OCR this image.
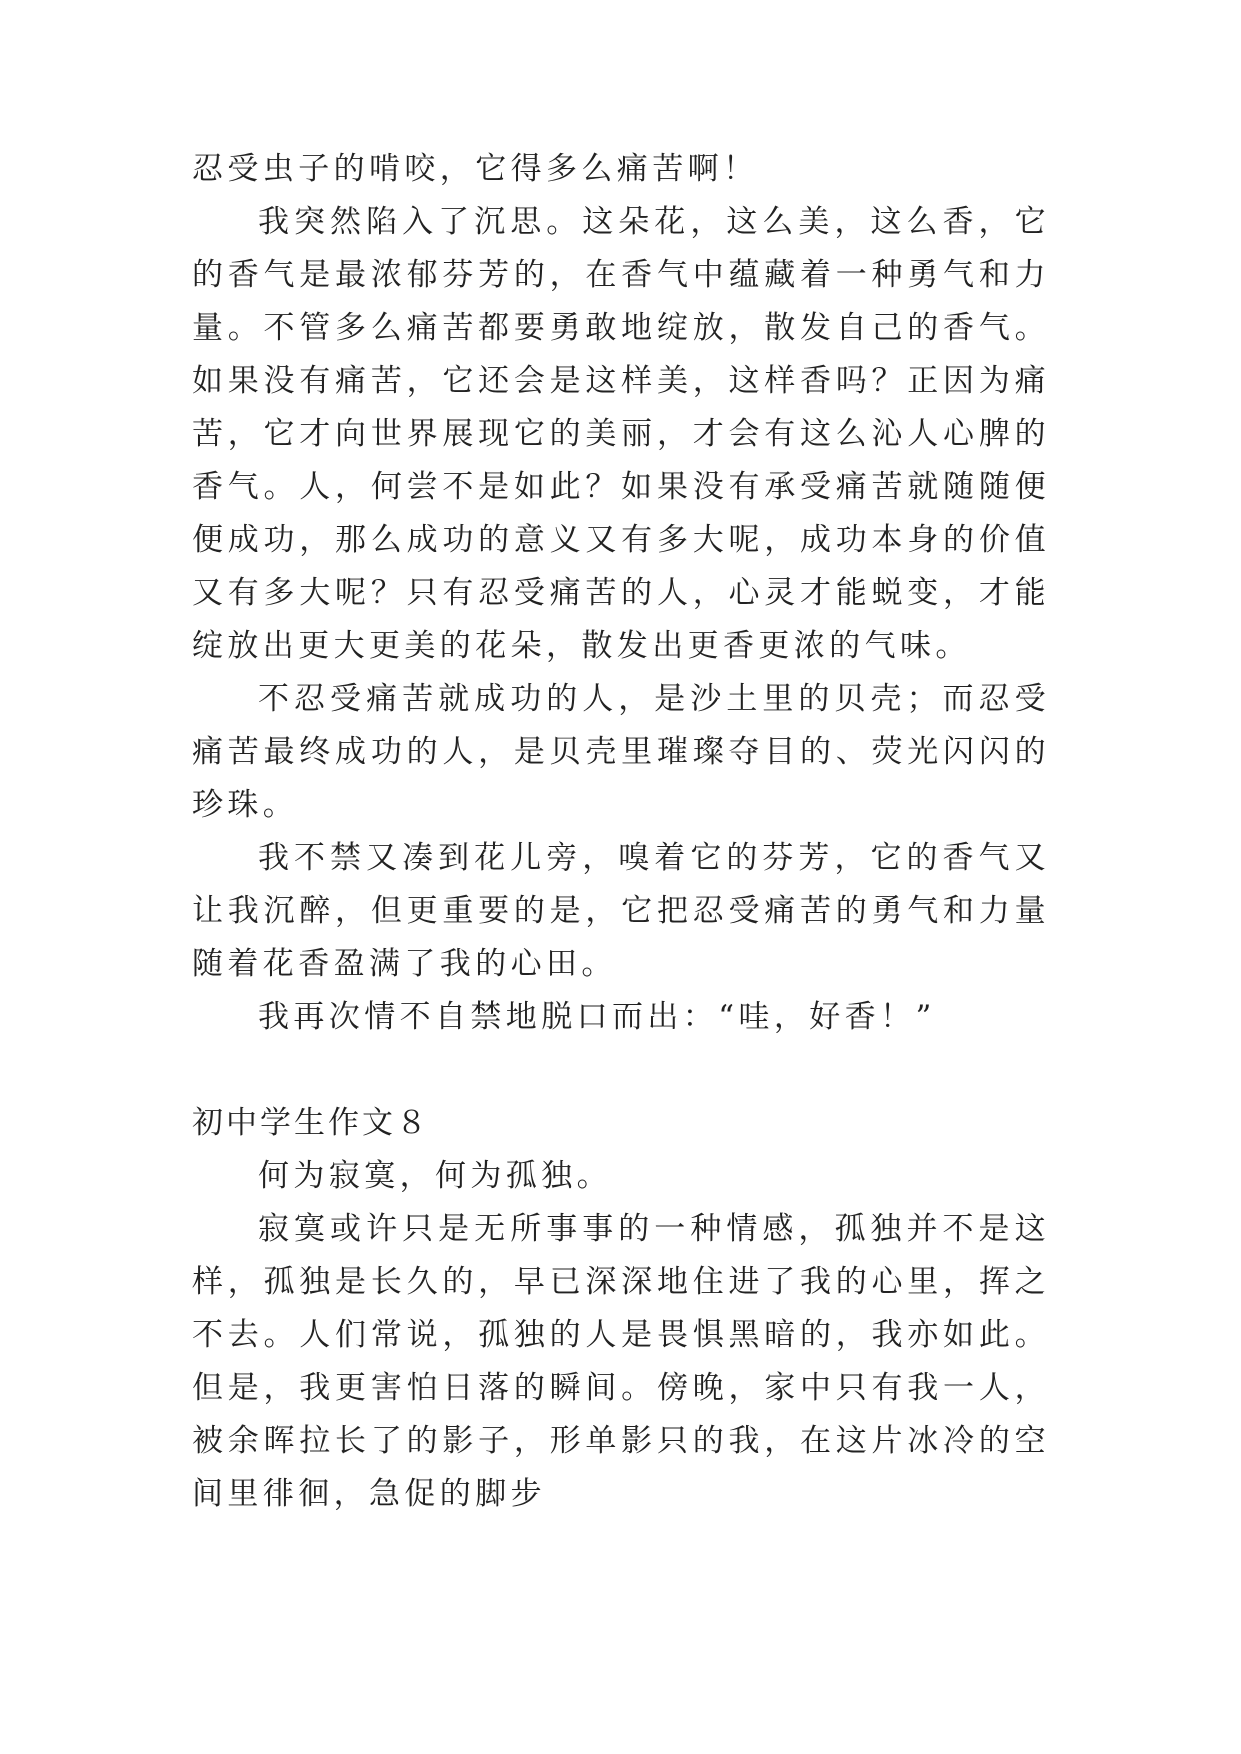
忍受虫子的啃咬，它得多么痛苦啊！

我突然陷入了沉思。这朵花，这么美，这么香，它的香气是最浓郁芬芳的，在香气中蕴藏着一种勇气和力量。不管多么痛苦都要勇敢地绽放，散发自己的香气。如果没有痛苦，它还会是这样美，这样香吗？正因为痛苦，它才向世界展现它的美丽，才会有这么沁人心脾的香气。人，何尝不是如此？如果没有承受痛苦就随随便便成功，那么成功的意义又有多大呢，成功本身的价值又有多大呢？只有忍受痛苦的人，心灵才能蜕变，才能绽放出更大更美的花朵，散发出更香更浓的气味。

不忍受痛苦就成功的人，是沙土里的贝壳；而忍受痛苦最终成功的人，是贝壳里璀璨夺目的、荧光闪闪的珍珠。

我不禁又凑到花儿旁，嗅着它的芬芳，它的香气又让我沉醉，但更重要的是，它把忍受痛苦的勇气和力量随着花香盈满了我的心田。

我再次情不自禁地脱口而出：“哇，好香！”

初中学生作文８

何为寂寞，何为孤独。

寂寞或许只是无所事事的一种情感，孤独并不是这样，孤独是长久的，早已深深地住进了我的心里，挥之不去。人们常说，孤独的人是畏惧黑暗的，我亦如此。但是，我更害怕日落的瞬间。傍晚，家中只有我一人，被余晖拉长了的影子，形单影只的我，在这片冰冷的空间里徘徊，急促的脚步
